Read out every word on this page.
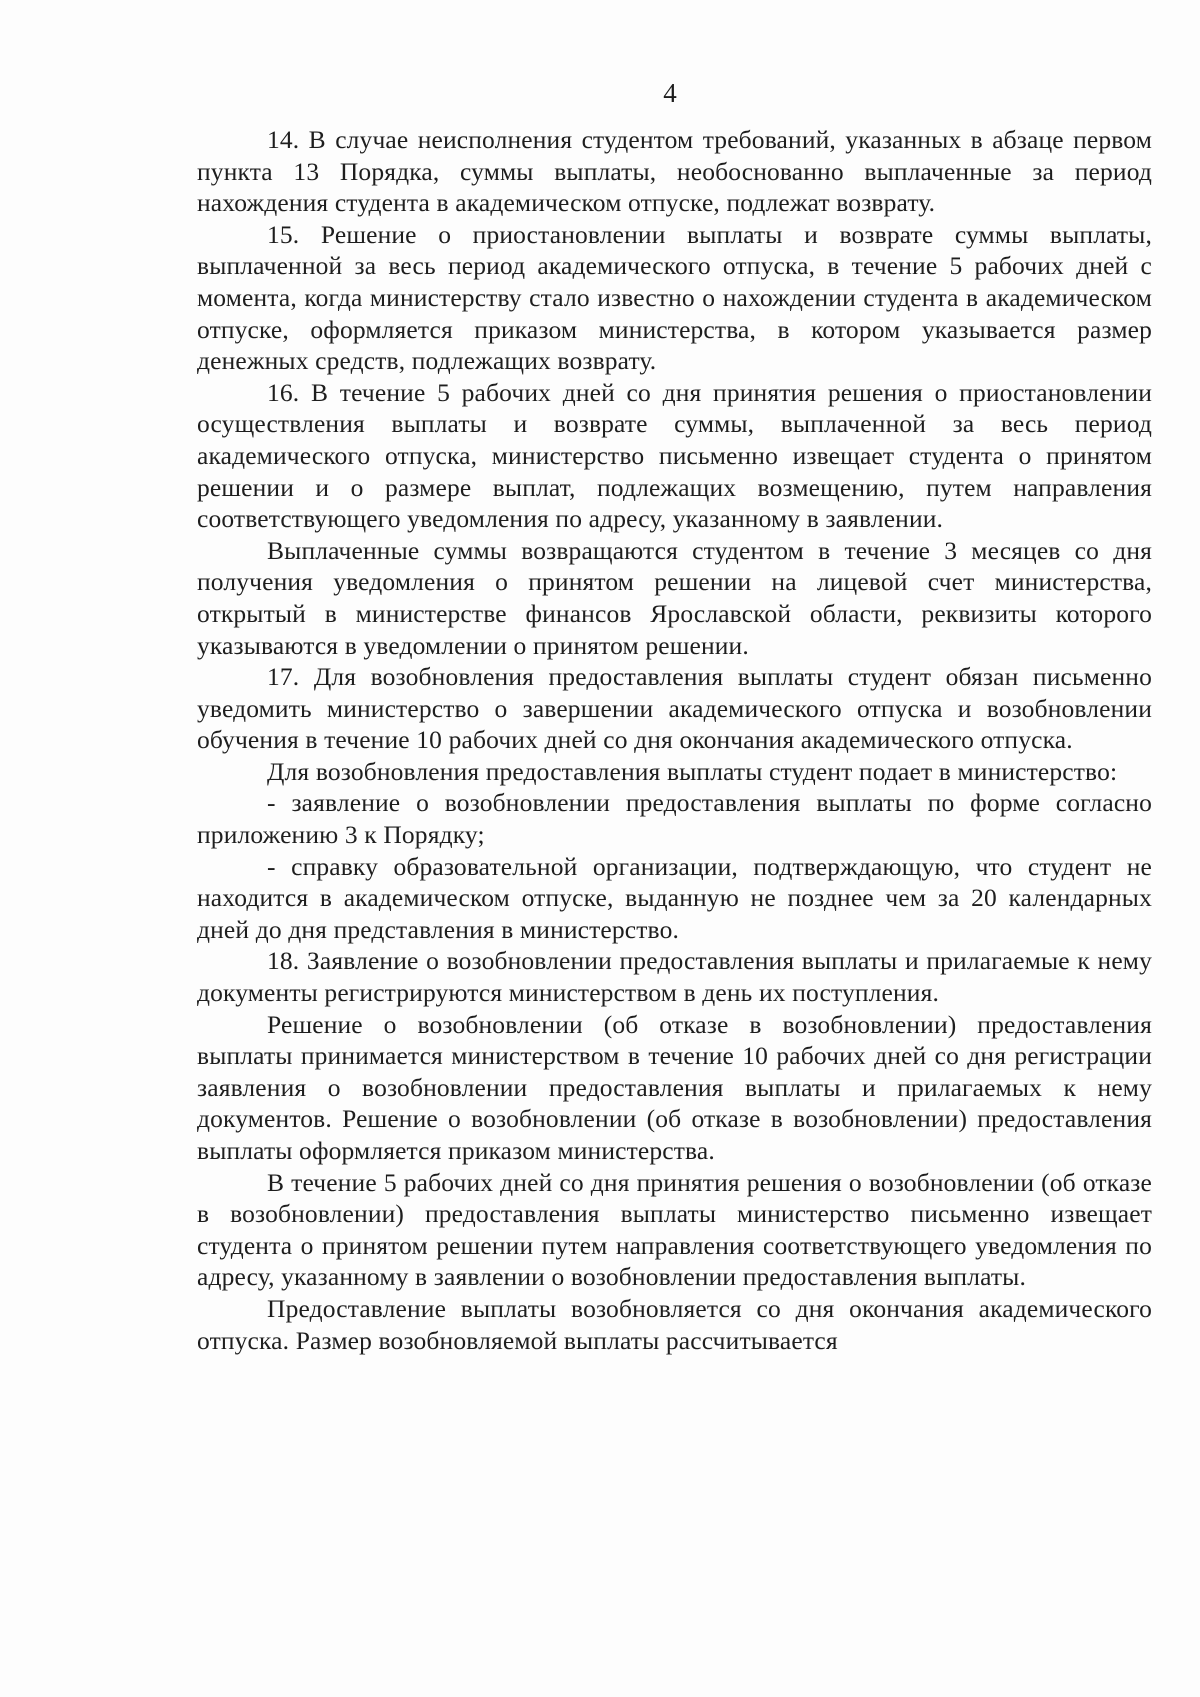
4

14. В случае неисполнения студентом требований, указанных в абзаце первом пункта 13 Порядка, суммы выплаты, необоснованно выплаченные за период нахождения студента в академическом отпуске, подлежат возврату.

15. Решение о приостановлении выплаты и возврате суммы выплаты, выплаченной за весь период академического отпуска, в течение 5 рабочих дней с момента, когда министерству стало известно о нахождении студента в академическом отпуске, оформляется приказом министерства, в котором указывается размер денежных средств, подлежащих возврату.

16. В течение 5 рабочих дней со дня принятия решения о приостановлении осуществления выплаты и возврате суммы, выплаченной за весь период академического отпуска, министерство письменно извещает студента о принятом решении и о размере выплат, подлежащих возмещению, путем направления соответствующего уведомления по адресу, указанному в заявлении.

Выплаченные суммы возвращаются студентом в течение 3 месяцев со дня получения уведомления о принятом решении на лицевой счет министерства, открытый в министерстве финансов Ярославской области, реквизиты которого указываются в уведомлении о принятом решении.

17. Для возобновления предоставления выплаты студент обязан письменно уведомить министерство о завершении академического отпуска и возобновлении обучения в течение 10 рабочих дней со дня окончания академического отпуска.

Для возобновления предоставления выплаты студент подает в министерство:

- заявление о возобновлении предоставления выплаты по форме согласно приложению 3 к Порядку;

- справку образовательной организации, подтверждающую, что студент не находится в академическом отпуске, выданную не позднее чем за 20 календарных дней до дня представления в министерство.

18. Заявление о возобновлении предоставления выплаты и прилагаемые к нему документы регистрируются министерством в день их поступления.

Решение о возобновлении (об отказе в возобновлении) предоставления выплаты принимается министерством в течение 10 рабочих дней со дня регистрации заявления о возобновлении предоставления выплаты и прилагаемых к нему документов. Решение о возобновлении (об отказе в возобновлении) предоставления выплаты оформляется приказом министерства.

В течение 5 рабочих дней со дня принятия решения о возобновлении (об отказе в возобновлении) предоставления выплаты министерство письменно извещает студента о принятом решении путем направления соответствующего уведомления по адресу, указанному в заявлении о возобновлении предоставления выплаты.

Предоставление выплаты возобновляется со дня окончания академического отпуска. Размер возобновляемой выплаты рассчитывается
